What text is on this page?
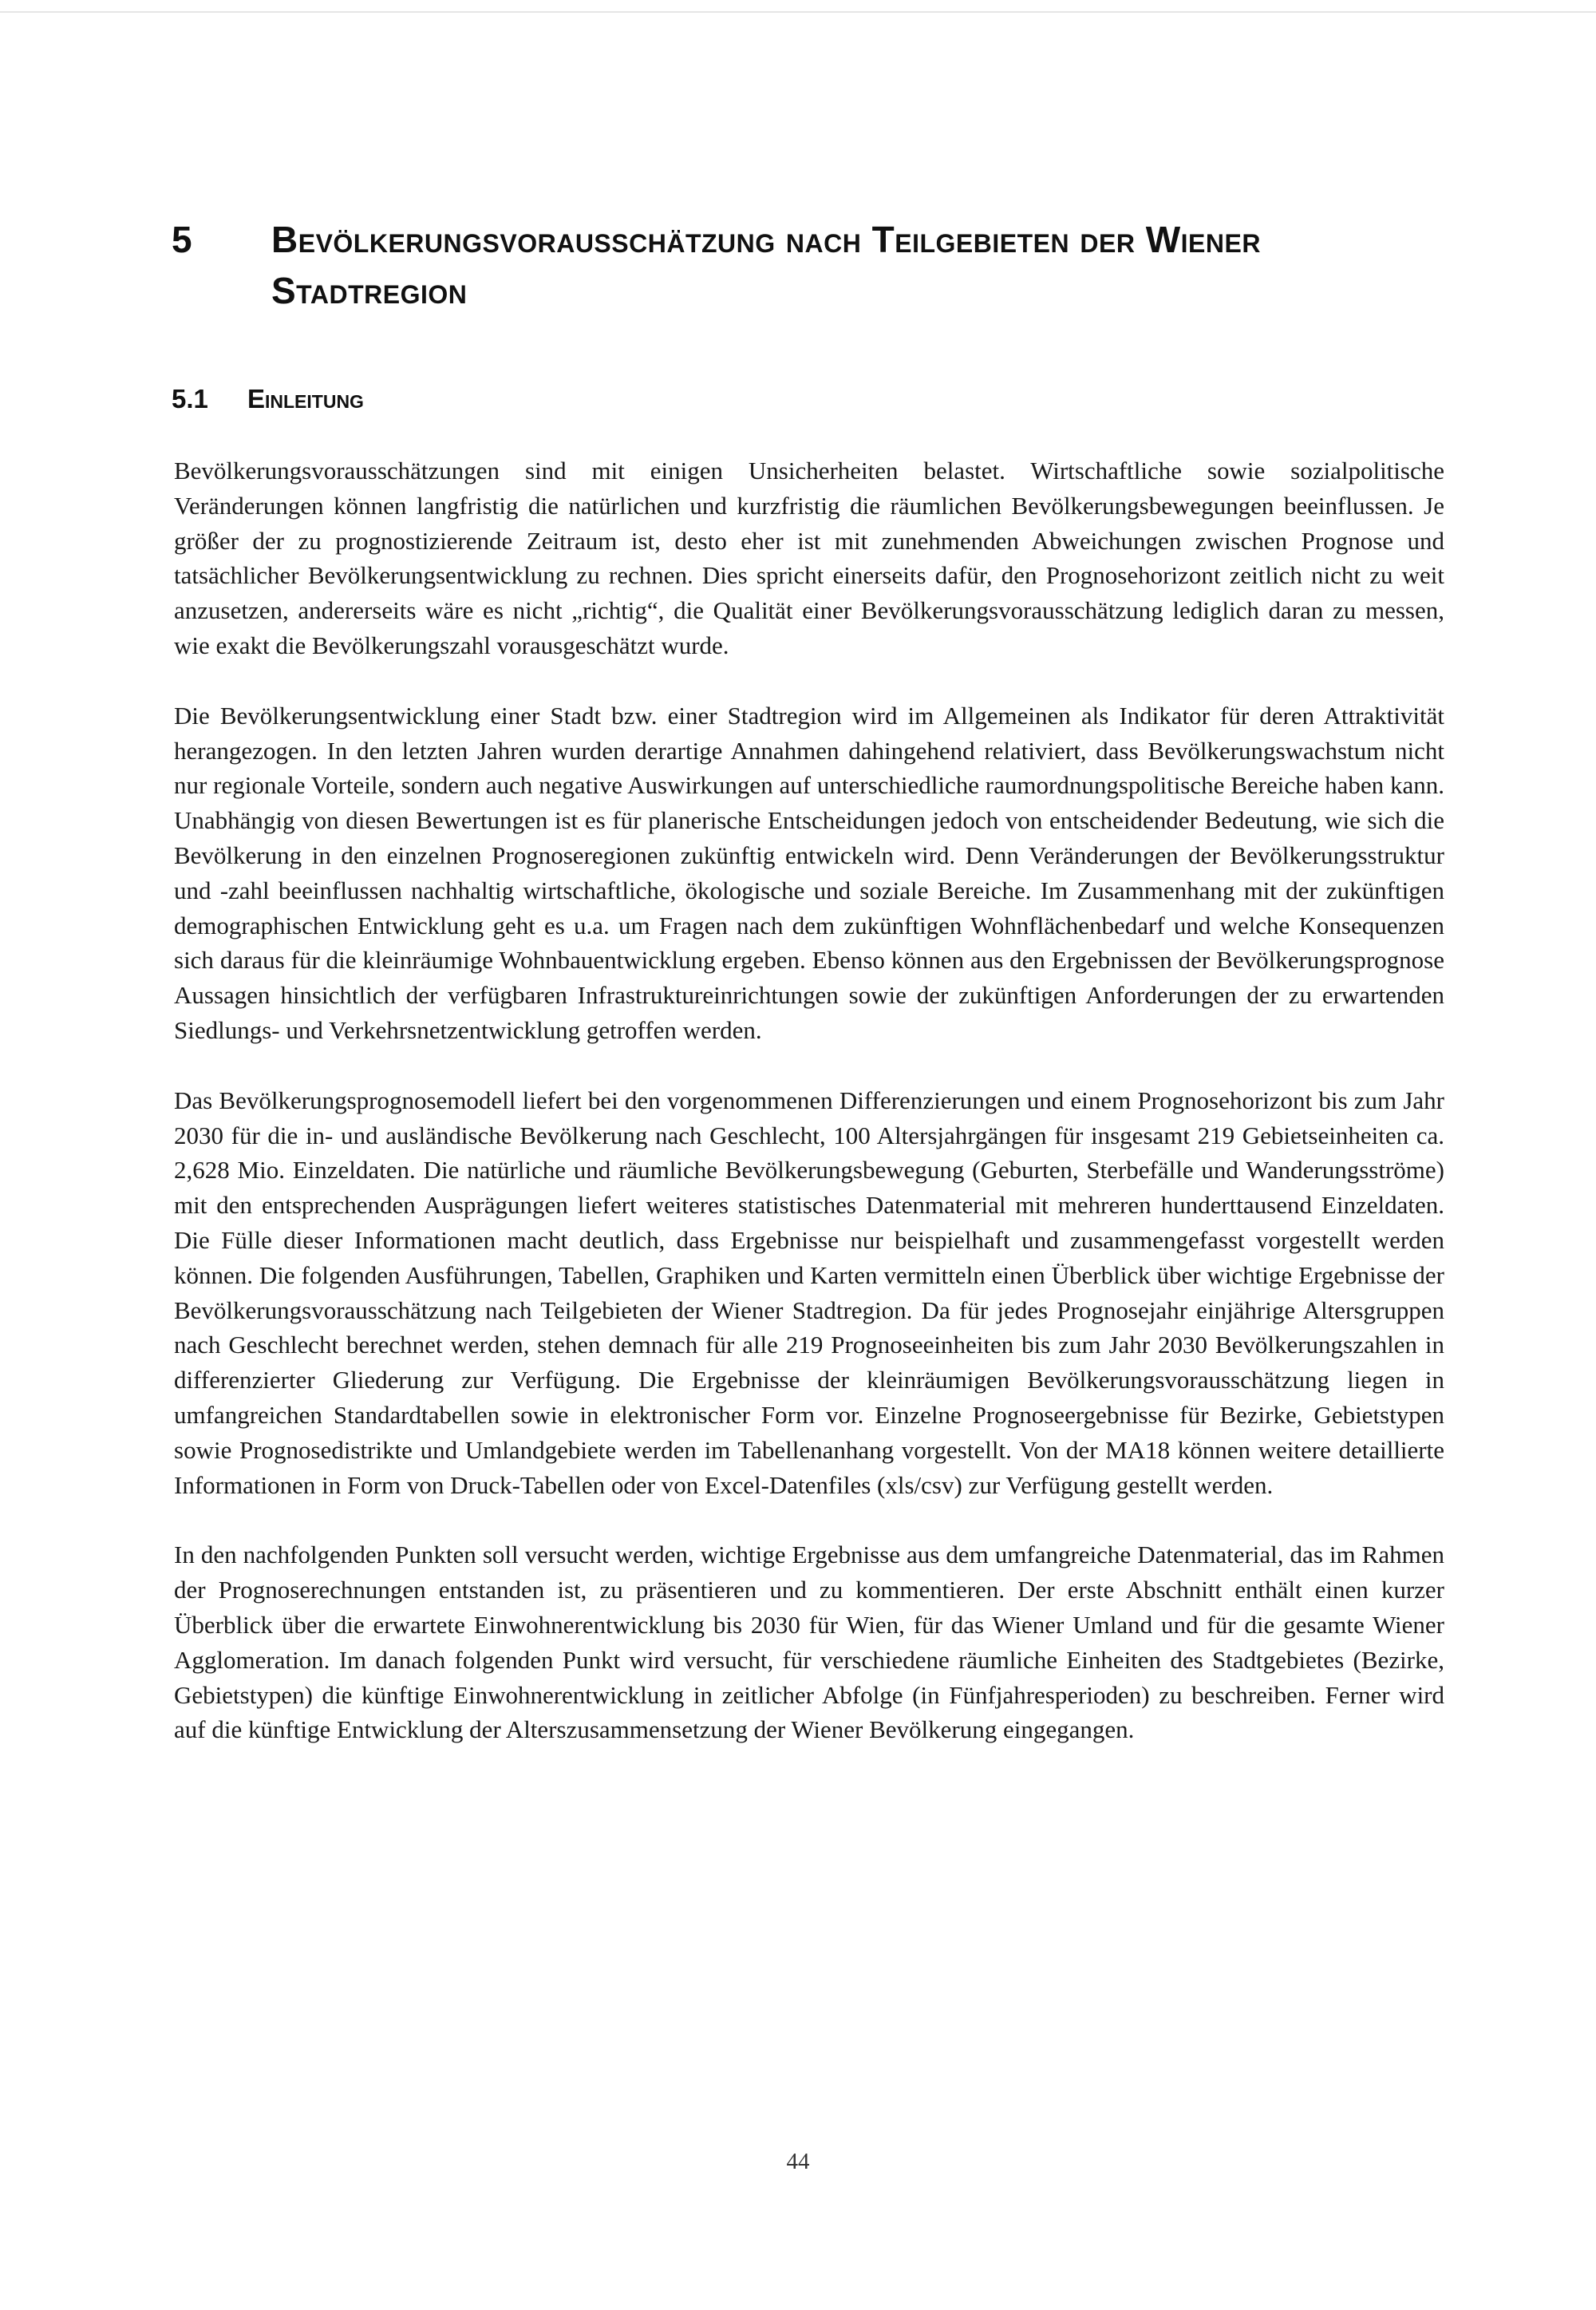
5 Bevölkerungsvorausschätzung nach Teilgebieten der Wiener Stadtregion
5.1 Einleitung

Bevölkerungsvorausschätzungen sind mit einigen Unsicherheiten belastet. Wirtschaftliche sowie sozialpolitische Veränderungen können langfristig die natürlichen und kurzfristig die räumlichen Bevölkerungsbewegungen beeinflussen. Je größer der zu prognostizierende Zeitraum ist, desto eher ist mit zunehmenden Abweichungen zwischen Prognose und tatsächlicher Bevölkerungsentwicklung zu rechnen. Dies spricht einerseits dafür, den Prognosehorizont zeitlich nicht zu weit anzusetzen, andererseits wäre es nicht „richtig“, die Qualität einer Bevölkerungsvorausschätzung lediglich daran zu messen, wie exakt die Bevölkerungszahl vorausgeschätzt wurde.

Die Bevölkerungsentwicklung einer Stadt bzw. einer Stadtregion wird im Allgemeinen als Indikator für deren Attraktivität herangezogen. In den letzten Jahren wurden derartige Annahmen dahingehend relativiert, dass Bevölkerungswachstum nicht nur regionale Vorteile, sondern auch negative Auswirkungen auf unterschiedliche raumordnungspolitische Bereiche haben kann. Unabhängig von diesen Bewertungen ist es für planerische Entscheidungen jedoch von entscheidender Bedeutung, wie sich die Bevölkerung in den einzelnen Prognoseregionen zukünftig entwickeln wird. Denn Veränderungen der Bevölkerungsstruktur und -zahl beeinflussen nachhaltig wirtschaftliche, ökologische und soziale Bereiche. Im Zusammenhang mit der zukünftigen demographischen Entwicklung geht es u.a. um Fragen nach dem zukünftigen Wohnflächenbedarf und welche Konsequenzen sich daraus für die kleinräumige Wohnbauentwicklung ergeben. Ebenso können aus den Ergebnissen der Bevölkerungsprognose Aussagen hinsichtlich der verfügbaren Infrastruktureinrichtungen sowie der zukünftigen Anforderungen der zu erwartenden Siedlungs- und Verkehrsnetzentwicklung getroffen werden.

Das Bevölkerungsprognosemodell liefert bei den vorgenommenen Differenzierungen und einem Prognosehorizont bis zum Jahr 2030 für die in- und ausländische Bevölkerung nach Geschlecht, 100 Altersjahrgängen für insgesamt 219 Gebietseinheiten ca. 2,628 Mio. Einzeldaten. Die natürliche und räumliche Bevölkerungsbewegung (Geburten, Sterbefälle und Wanderungsströme) mit den entsprechenden Ausprägungen liefert weiteres statistisches Datenmaterial mit mehreren hunderttausend Einzeldaten. Die Fülle dieser Informationen macht deutlich, dass Ergebnisse nur beispielhaft und zusammengefasst vorgestellt werden können. Die folgenden Ausführungen, Tabellen, Graphiken und Karten vermitteln einen Überblick über wichtige Ergebnisse der Bevölkerungsvorausschätzung nach Teilgebieten der Wiener Stadtregion. Da für jedes Prognosejahr einjährige Altersgruppen nach Geschlecht berechnet werden, stehen demnach für alle 219 Prognoseeinheiten bis zum Jahr 2030 Bevölkerungszahlen in differenzierter Gliederung zur Verfügung. Die Ergebnisse der kleinräumigen Bevölkerungsvorausschätzung liegen in umfangreichen Standardtabellen sowie in elektronischer Form vor. Einzelne Prognoseergebnisse für Bezirke, Gebietstypen sowie Prognosedistrikte und Umlandgebiete werden im Tabellenanhang vorgestellt. Von der MA18 können weitere detaillierte Informationen in Form von Druck-Tabellen oder von Excel-Datenfiles (xls/csv) zur Verfügung gestellt werden.

In den nachfolgenden Punkten soll versucht werden, wichtige Ergebnisse aus dem umfangreiche Datenmaterial, das im Rahmen der Prognoserechnungen entstanden ist, zu präsentieren und zu kommentieren. Der erste Abschnitt enthält einen kurzer Überblick über die erwartete Einwohnerentwicklung bis 2030 für Wien, für das Wiener Umland und für die gesamte Wiener Agglomeration. Im danach folgenden Punkt wird versucht, für verschiedene räumliche Einheiten des Stadtgebietes (Bezirke, Gebietstypen) die künftige Einwohnerentwicklung in zeitlicher Abfolge (in Fünfjahresperioden) zu beschreiben. Ferner wird auf die künftige Entwicklung der Alterszusammensetzung der Wiener Bevölkerung eingegangen.

44
